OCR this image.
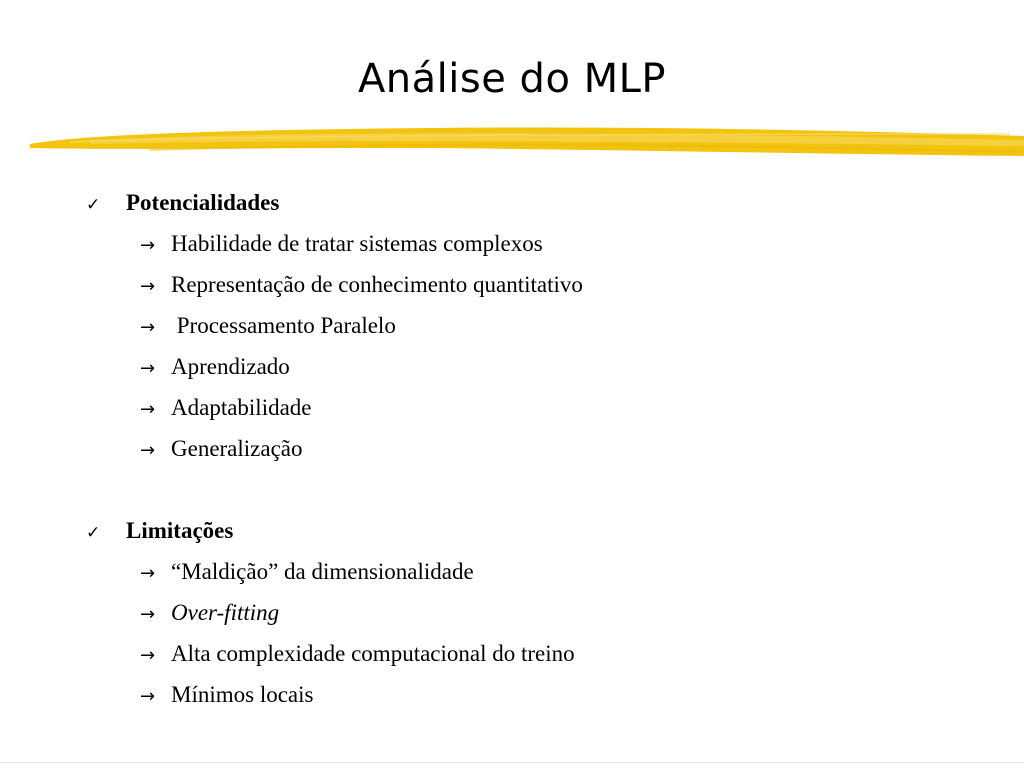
Análise do MLP
✓ Potencialidades
→ Habilidade de tratar sistemas complexos
→ Representação de conhecimento quantitativo
→ Processamento Paralelo
→ Aprendizado
→ Adaptabilidade
→ Generalização
✓ Limitações
→ “Maldição” da dimensionalidade
→ Over-fitting
→ Alta complexidade computacional do treino
→ Mínimos locais
